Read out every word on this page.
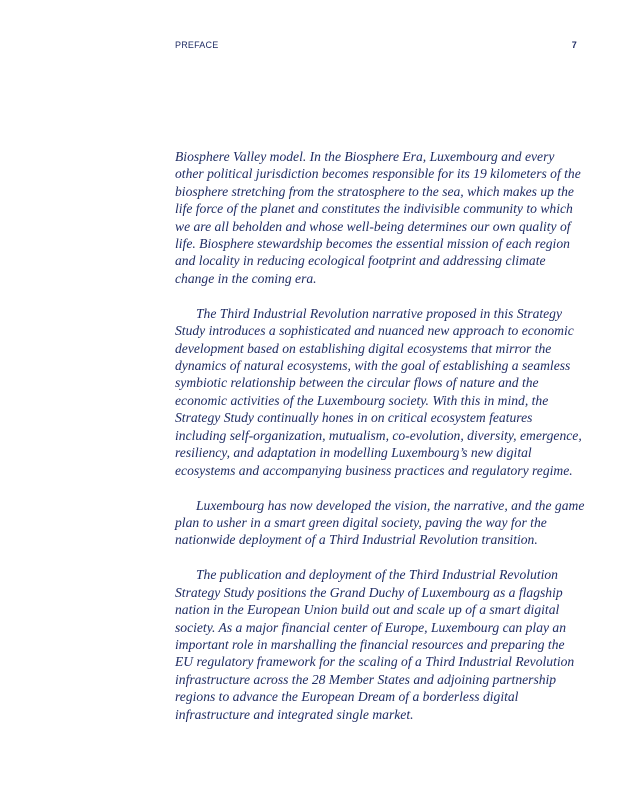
PREFACE	7

Biosphere Valley model. In the Biosphere Era, Luxembourg and every other political jurisdiction becomes responsible for its 19 kilometers of the biosphere stretching from the stratosphere to the sea, which makes up the life force of the planet and constitutes the indivisible community to which we are all beholden and whose well-being determines our own quality of life. Biosphere stewardship becomes the essential mission of each region and locality in reducing ecological footprint and addressing climate change in the coming era.

The Third Industrial Revolution narrative proposed in this Strategy Study introduces a sophisticated and nuanced new approach to economic development based on establishing digital ecosystems that mirror the dynamics of natural ecosystems, with the goal of establishing a seamless symbiotic relationship between the circular flows of nature and the economic activities of the Luxembourg society. With this in mind, the Strategy Study continually hones in on critical ecosystem features including self-organization, mutualism, co-evolution, diversity, emergence, resiliency, and adaptation in modelling Luxembourg’s new digital ecosystems and accompanying business practices and regulatory regime.

Luxembourg has now developed the vision, the narrative, and the game plan to usher in a smart green digital society, paving the way for the nationwide deployment of a Third Industrial Revolution transition.

The publication and deployment of the Third Industrial Revolution Strategy Study positions the Grand Duchy of Luxembourg as a flagship nation in the European Union build out and scale up of a smart digital society. As a major financial center of Europe, Luxembourg can play an important role in marshalling the financial resources and preparing the EU regulatory framework for the scaling of a Third Industrial Revolution infrastructure across the 28 Member States and adjoining partnership regions to advance the European Dream of a borderless digital infrastructure and integrated single market.
